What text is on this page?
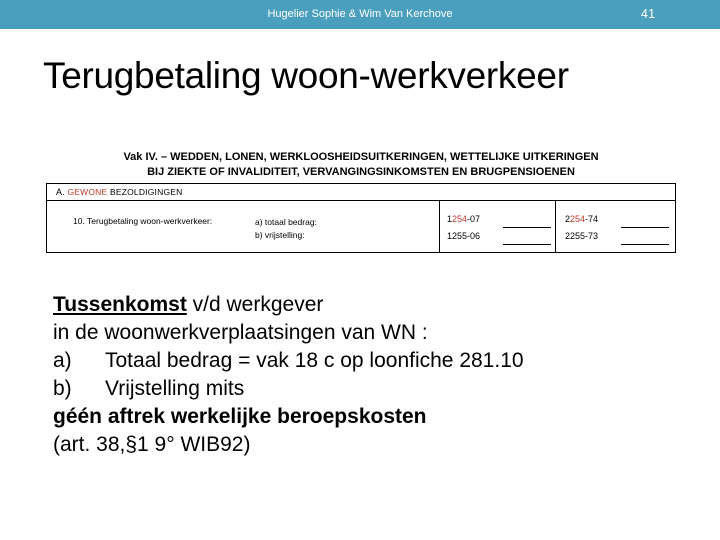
Hugelier Sophie & Wim Van Kerchove	41
Terugbetaling woon-werkverkeer
Vak IV. – WEDDEN, LONEN, WERKLOOSHEIDSUITKERINGEN, WETTELIJKE UITKERINGEN
BIJ ZIEKTE OF INVALIDITEIT, VERVANGINGSINKOMSTEN EN BRUGPENSIOENEN
A. GEWONE BEZOLDIGINGEN
10. Terugbetaling woon-werkverkeer:	a) totaal bedrag:
b) vrijstelling:
1254-07
1255-06
2254-74
2255-73
Tussenkomst v/d werkgever
in de woonwerkverplaatsingen van WN :
a) Totaal bedrag = vak 18 c op loonfiche 281.10
b) Vrijstelling mits
géén aftrek werkelijke beroepskosten
(art. 38,§1 9° WIB92)
